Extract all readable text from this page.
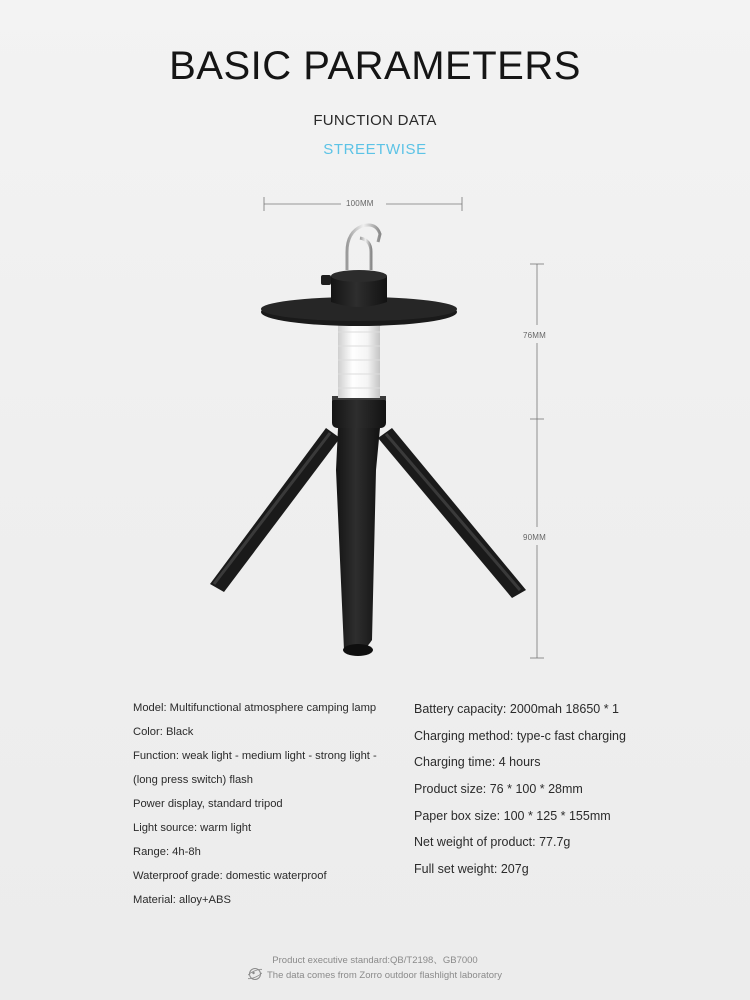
BASIC PARAMETERS
FUNCTION DATA
STREETWISE
100MM
76MM
90MM
Model: Multifunctional atmosphere camping lamp
Color: Black
Function: weak light - medium light - strong light -
(long press switch) flash
Power display, standard tripod
Light source: warm light
Range: 4h-8h
Waterproof grade: domestic waterproof
Material: alloy+ABS
Battery capacity: 2000mah 18650 * 1
Charging method: type-c fast charging
Charging time: 4 hours
Product size: 76 * 100 * 28mm
Paper box size: 100 * 125 * 155mm
Net weight of product: 77.7g
Full set weight: 207g
Product executive standard:QB/T2198、GB7000
The data comes from Zorro outdoor flashlight laboratory
